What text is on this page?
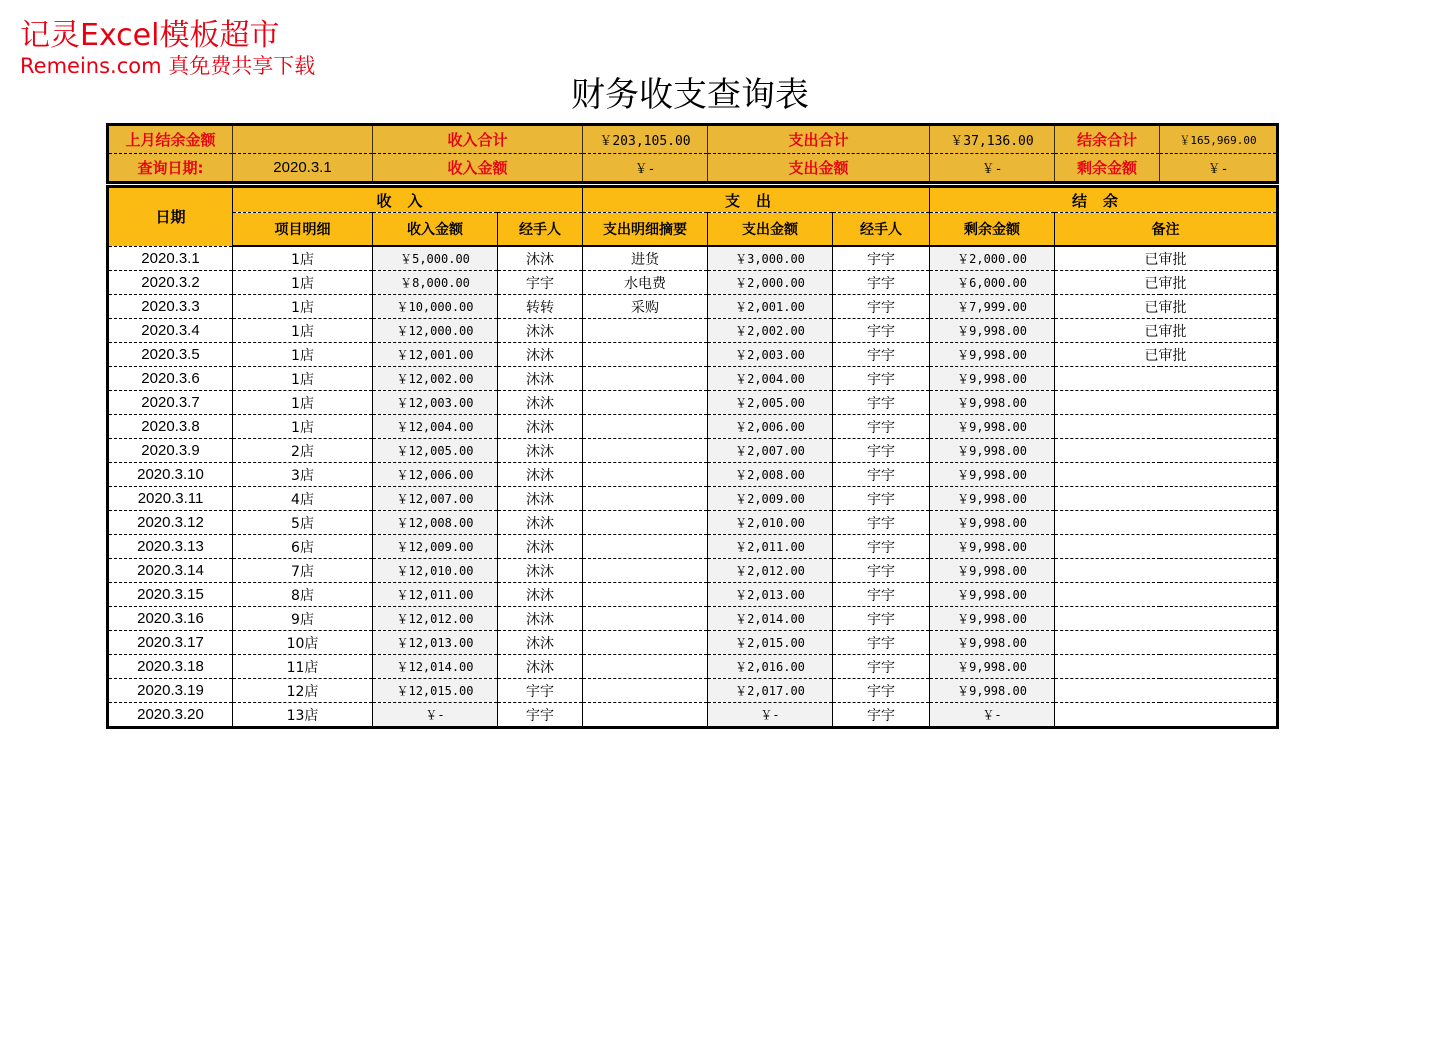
记灵Excel模板超市
Remeins.com 真免费共享下载
财务收支查询表
上月结余金额		收入合计	￥203,105.00	支出合计	￥37,136.00	结余合计	￥165,969.00
查询日期:	2020.3.1	收入金额	￥-	支出金额	￥-	剩余金额	￥-
日期	收入			支出			结余	
	项目明细	收入金额	经手人	支出明细摘要	支出金额	经手人	剩余金额	备注
2020.3.1	1店	￥5,000.00	沐沐	进货	￥3,000.00	宇宇	￥2,000.00	已审批
2020.3.2	1店	￥8,000.00	宇宇	水电费	￥2,000.00	宇宇	￥6,000.00	已审批
2020.3.3	1店	￥10,000.00	转转	采购	￥2,001.00	宇宇	￥7,999.00	已审批
2020.3.4	1店	￥12,000.00	沐沐		￥2,002.00	宇宇	￥9,998.00	已审批
2020.3.5	1店	￥12,001.00	沐沐		￥2,003.00	宇宇	￥9,998.00	已审批
2020.3.6	1店	￥12,002.00	沐沐		￥2,004.00	宇宇	￥9,998.00	
2020.3.7	1店	￥12,003.00	沐沐		￥2,005.00	宇宇	￥9,998.00	
2020.3.8	1店	￥12,004.00	沐沐		￥2,006.00	宇宇	￥9,998.00	
2020.3.9	2店	￥12,005.00	沐沐		￥2,007.00	宇宇	￥9,998.00	
2020.3.10	3店	￥12,006.00	沐沐		￥2,008.00	宇宇	￥9,998.00	
2020.3.11	4店	￥12,007.00	沐沐		￥2,009.00	宇宇	￥9,998.00	
2020.3.12	5店	￥12,008.00	沐沐		￥2,010.00	宇宇	￥9,998.00	
2020.3.13	6店	￥12,009.00	沐沐		￥2,011.00	宇宇	￥9,998.00	
2020.3.14	7店	￥12,010.00	沐沐		￥2,012.00	宇宇	￥9,998.00	
2020.3.15	8店	￥12,011.00	沐沐		￥2,013.00	宇宇	￥9,998.00	
2020.3.16	9店	￥12,012.00	沐沐		￥2,014.00	宇宇	￥9,998.00	
2020.3.17	10店	￥12,013.00	沐沐		￥2,015.00	宇宇	￥9,998.00	
2020.3.18	11店	￥12,014.00	沐沐		￥2,016.00	宇宇	￥9,998.00	
2020.3.19	12店	￥12,015.00	宇宇		￥2,017.00	宇宇	￥9,998.00	
2020.3.20	13店	￥-	宇宇		￥-	宇宇	￥-	
